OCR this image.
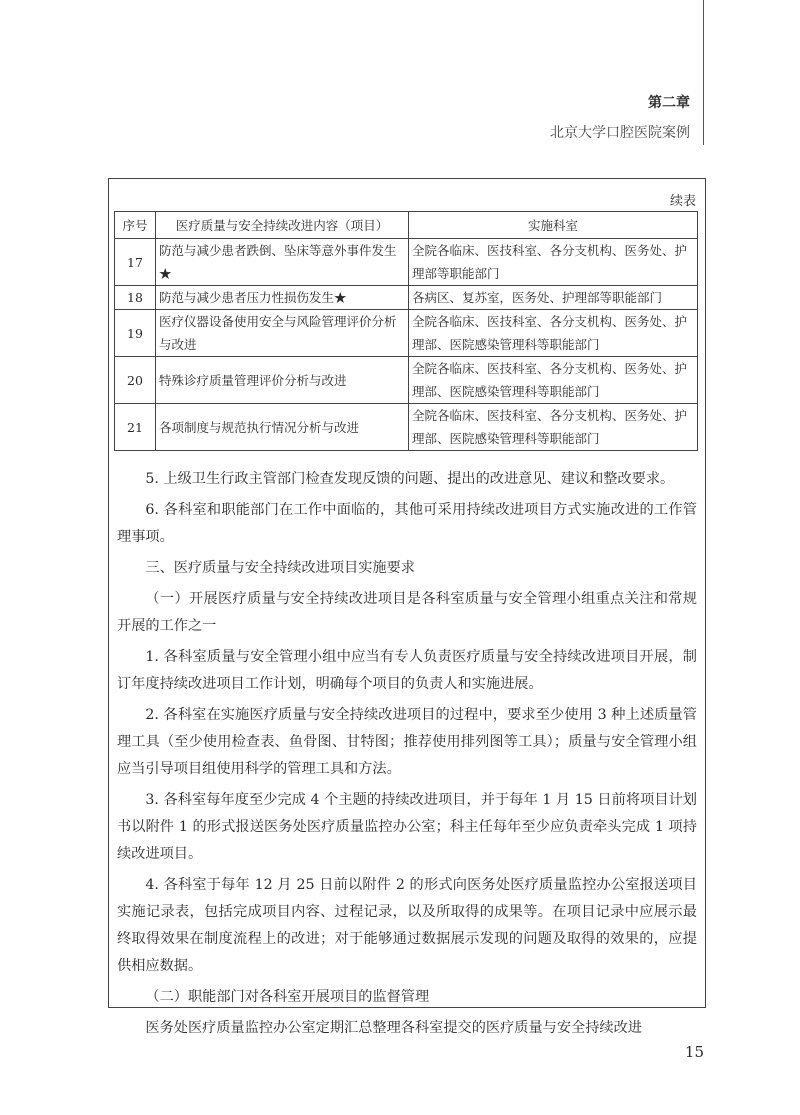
第二章
北京大学口腔医院案例
续表
序号	医疗质量与安全持续改进内容（项目）	实施科室
17	防范与减少患者跌倒、坠床等意外事件发生★	全院各临床、医技科室、各分支机构、医务处、护理部等职能部门
18	防范与减少患者压力性损伤发生★	各病区、复苏室，医务处、护理部等职能部门
19	医疗仪器设备使用安全与风险管理评价分析与改进	全院各临床、医技科室、各分支机构、医务处、护理部、医院感染管理科等职能部门
20	特殊诊疗质量管理评价分析与改进	全院各临床、医技科室、各分支机构、医务处、护理部、医院感染管理科等职能部门
21	各项制度与规范执行情况分析与改进	全院各临床、医技科室、各分支机构、医务处、护理部、医院感染管理科等职能部门

5. 上级卫生行政主管部门检查发现反馈的问题、提出的改进意见、建议和整改要求。

6. 各科室和职能部门在工作中面临的，其他可采用持续改进项目方式实施改进的工作管理事项。

三、医疗质量与安全持续改进项目实施要求

（一）开展医疗质量与安全持续改进项目是各科室质量与安全管理小组重点关注和常规开展的工作之一

1. 各科室质量与安全管理小组中应当有专人负责医疗质量与安全持续改进项目开展，制订年度持续改进项目工作计划，明确每个项目的负责人和实施进展。

2. 各科室在实施医疗质量与安全持续改进项目的过程中，要求至少使用 3 种上述质量管理工具（至少使用检查表、鱼骨图、甘特图；推荐使用排列图等工具）；质量与安全管理小组应当引导项目组使用科学的管理工具和方法。

3. 各科室每年度至少完成 4 个主题的持续改进项目，并于每年 1 月 15 日前将项目计划书以附件 1 的形式报送医务处医疗质量监控办公室；科主任每年至少应负责牵头完成 1 项持续改进项目。

4. 各科室于每年 12 月 25 日前以附件 2 的形式向医务处医疗质量监控办公室报送项目实施记录表，包括完成项目内容、过程记录，以及所取得的成果等。在项目记录中应展示最终取得效果在制度流程上的改进；对于能够通过数据展示发现的问题及取得的效果的，应提供相应数据。

（二）职能部门对各科室开展项目的监督管理

医务处医疗质量监控办公室定期汇总整理各科室提交的医疗质量与安全持续改进

15
